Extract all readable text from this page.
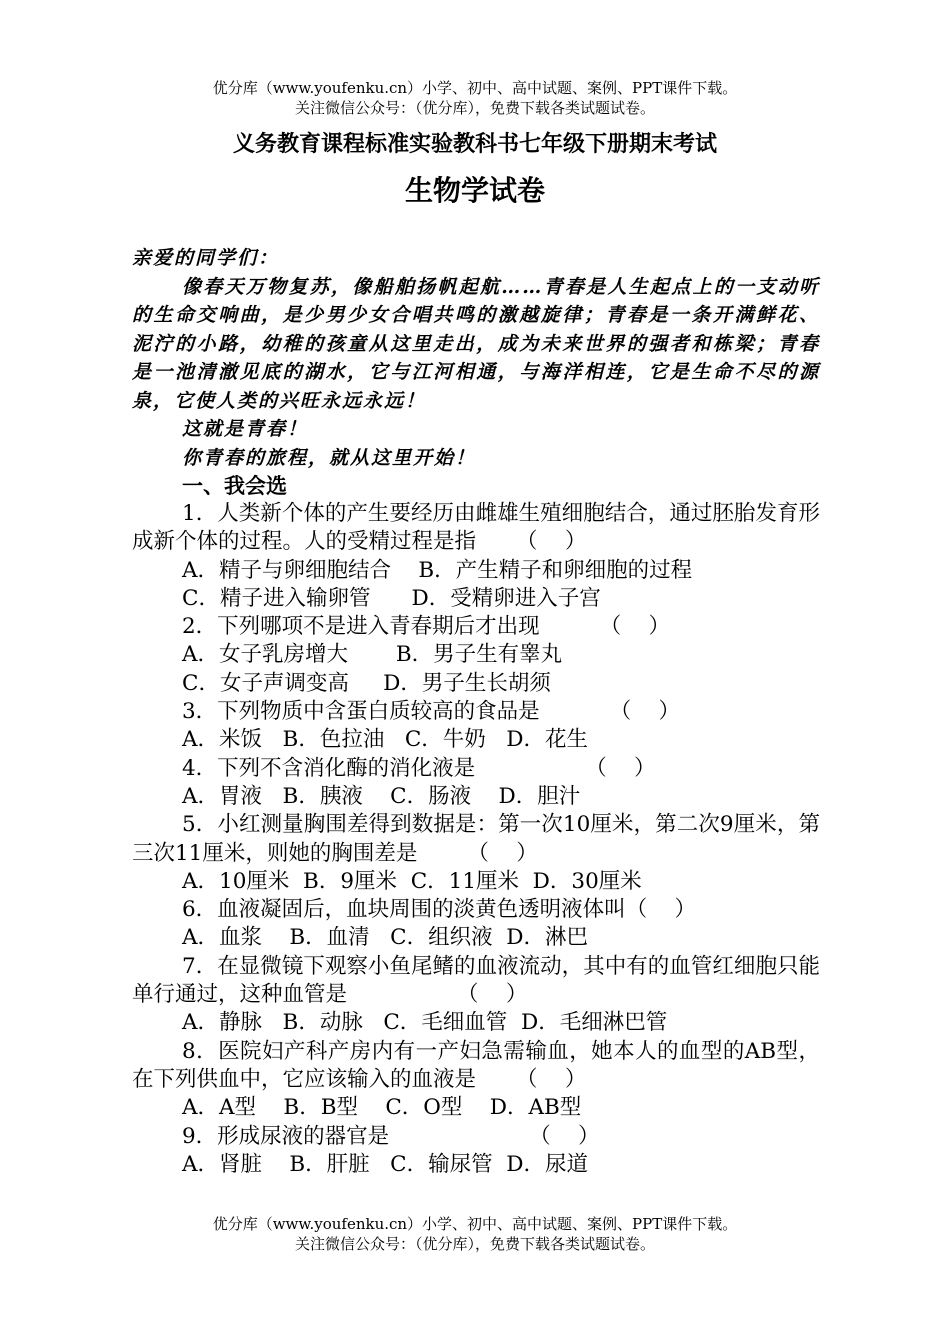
优分库（www.youfenku.cn）小学、初中、高中试题、案例、PPT课件下载。
关注微信公众号：（优分库），免费下载各类试题试卷。
义务教育课程标准实验教科书七年级下册期末考试
生物学试卷

亲爱的同学们：

像春天万物复苏，像船舶扬帆起航……青春是人生起点上的一支动听的生命交响曲，是少男少女合唱共鸣的激越旋律；青春是一条开满鲜花、泥泞的小路，幼稚的孩童从这里走出，成为未来世界的强者和栋梁；青春是一池清澈见底的湖水，它与江河相通，与海洋相连，它是生命不尽的源泉，它使人类的兴旺永远永远！

这就是青春！

你青春的旅程，就从这里开始！

一、我会选

1．人类新个体的产生要经历由雌雄生殖细胞结合，通过胚胎发育形成新个体的过程。人的受精过程是指 （    ）

A．精子与卵细胞结合    B．产生精子和卵细胞的过程

C．精子进入输卵管      D．受精卵进入子宫

2．下列哪项不是进入青春期后才出现	（    ）

A．女子乳房增大       B．男子生有睾丸

C．女子声调变高     D．男子生长胡须

3．下列物质中含蛋白质较高的食品是	（    ）

A．米饭   B．色拉油   C．牛奶   D．花生

4．下列不含消化酶的消化液是	（    ）

A．胃液   B．胰液    C．肠液    D．胆汁

5．小红测量胸围差得到数据是：第一次10厘米，第二次9厘米，第三次11厘米，则她的胸围差是 （    ）

A．10厘米  B．9厘米  C．11厘米  D．30厘米

6．血液凝固后，血块周围的淡黄色透明液体叫（    ）

A．血浆    B．血清   C．组织液  D．淋巴

7．在显微镜下观察小鱼尾鳍的血液流动，其中有的血管红细胞只能单行通过，这种血管是	（    ）

A．静脉   B．动脉   C．毛细血管  D．毛细淋巴管

8．医院妇产科产房内有一产妇急需输血，她本人的血型的AB型，在下列供血中，它应该输入的血液是 （    ）

A．A型    B．B型    C．O型    D．AB型

9．形成尿液的器官是	（    ）

A．肾脏    B．肝脏   C．输尿管  D．尿道

优分库（www.youfenku.cn）小学、初中、高中试题、案例、PPT课件下载。
关注微信公众号：（优分库），免费下载各类试题试卷。
